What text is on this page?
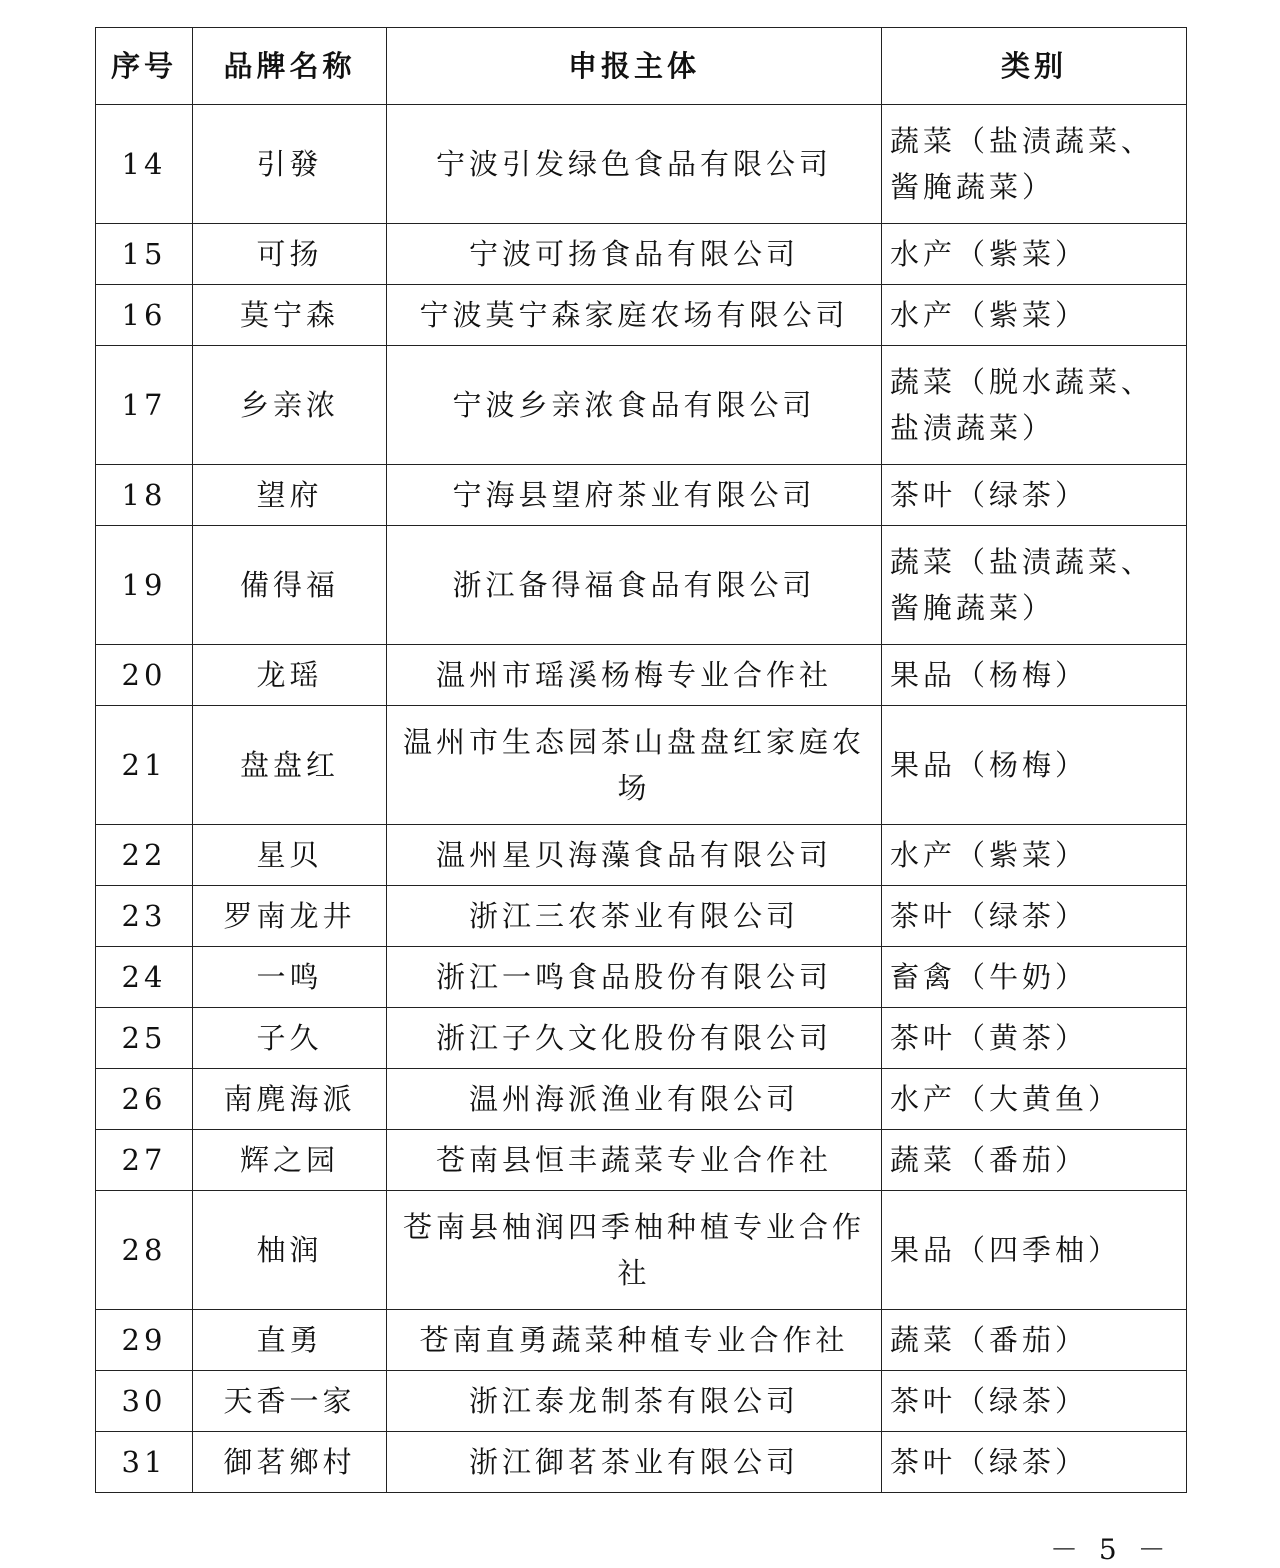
序号	品牌名称	申报主体	类别
14	引發	宁波引发绿色食品有限公司	蔬菜（盐渍蔬菜、酱腌蔬菜）
15	可扬	宁波可扬食品有限公司	水产（紫菜）
16	莫宁森	宁波莫宁森家庭农场有限公司	水产（紫菜）
17	乡亲浓	宁波乡亲浓食品有限公司	蔬菜（脱水蔬菜、盐渍蔬菜）
18	望府	宁海县望府茶业有限公司	茶叶（绿茶）
19	備得福	浙江备得福食品有限公司	蔬菜（盐渍蔬菜、酱腌蔬菜）
20	龙瑶	温州市瑶溪杨梅专业合作社	果品（杨梅）
21	盘盘红	温州市生态园茶山盘盘红家庭农场	果品（杨梅）
22	星贝	温州星贝海藻食品有限公司	水产（紫菜）
23	罗南龙井	浙江三农茶业有限公司	茶叶（绿茶）
24	一鸣	浙江一鸣食品股份有限公司	畜禽（牛奶）
25	子久	浙江子久文化股份有限公司	茶叶（黄茶）
26	南麂海派	温州海派渔业有限公司	水产（大黄鱼）
27	辉之园	苍南县恒丰蔬菜专业合作社	蔬菜（番茄）
28	柚润	苍南县柚润四季柚种植专业合作社	果品（四季柚）
29	直勇	苍南直勇蔬菜种植专业合作社	蔬菜（番茄）
30	天香一家	浙江泰龙制茶有限公司	茶叶（绿茶）
31	御茗鄉村	浙江御茗茶业有限公司	茶叶（绿茶）
－ 5 －
